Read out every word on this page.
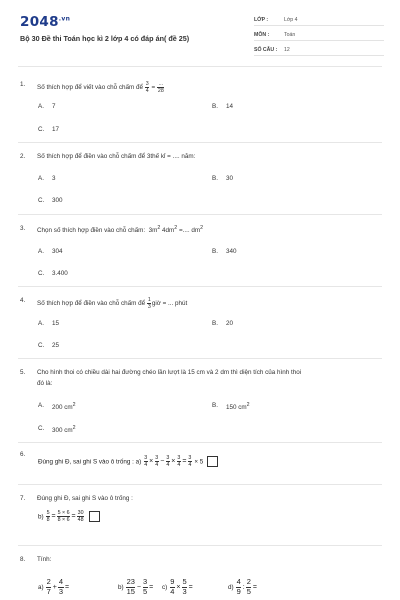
$2048^{.vn}$
Bộ 30 Đề thi Toán học kì 2 lớp 4 có đáp án( đề 25)
LỚP :	Lớp 4
MÔN :	Toán
SỐ CÂU : 12
1. Số thích hợp để viết vào chỗ chấm để $\frac{3}{4} = \frac{...}{28}$
A. 7	B. 14
C. 17
2. Số thích hợp để điền vào chỗ chấm để 3thế kỉ = .... năm:
A. 3	B. 30
C. 300
3. Chọn số thích hợp điền vào chỗ chấm: $3m^2$ $4dm^2$ =.... $dm^2$
A. 304	B. 340
C. 3.400
4. Số thích hợp để điền vào chỗ chấm để $\frac{1}{3}$ giờ = ... phút
A. 15	B. 20
C. 25
5. Cho hình thoi có chiều dài hai đường chéo lần lượt là 15 cm và 2 dm thì diện tích của hình thoi
đó là:
A. 200 $cm^2$	B. 150 $cm^2$
C. 300 $cm^2$
6.
Đúng ghi Đ, sai ghi S vào ô trống : $a) \frac{3}{4} \times \frac{3}{4} - \frac{3}{4} \times \frac{3}{4} = \frac{3}{4} \times 5$
7. Đúng ghi Đ, sai ghi S vào ô trống :
$b) \frac{5}{8} = \frac{5 \times 6}{8 \times 6} = \frac{30}{48}$

8. Tính:
$a) \frac{2}{7} + \frac{4}{3}$ =	$b) \frac{23}{15} - \frac{3}{5} = c) \frac{9}{4} \times \frac{5}{3}$ =	$d) \frac{4}{9}$ : $\frac{2}{5}$ =
